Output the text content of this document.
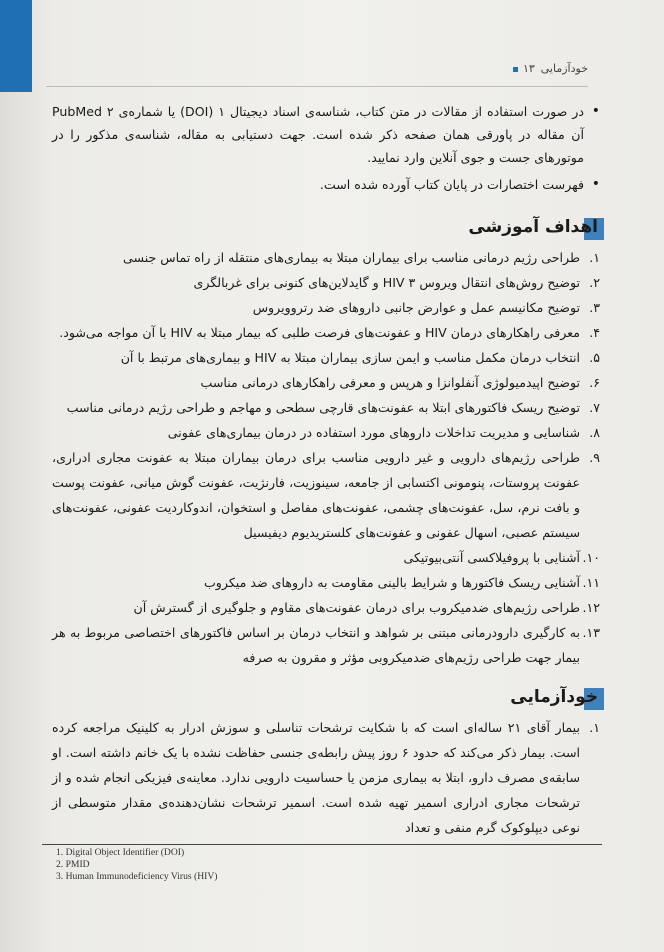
خودآزمایی
۱۳
• در صورت استفاده از مقالات در متن کتاب، شناسه‌ی اسناد دیجیتال ۱ (DOI) یا شماره‌ی PubMed ۲ آن مقاله در پاورقی همان صفحه ذکر شده است. جهت دستیابی به مقاله، شناسه‌ی مذکور را در موتورهای جست و جوی آنلاین وارد نمایید.
• فهرست اختصارات در پایان کتاب آورده شده است.
اهداف آموزشی
۱.
طراحی رژیم درمانی مناسب برای بیماران مبتلا به بیماری‌های منتقله از راه تماس جنسی
۲.
توضیح روش‌های انتقال ویروس HIV ۳ و گایدلاین‌های کنونی برای غربالگری
۳.
توضیح مکانیسم عمل و عوارض جانبی داروهای ضد رتروویروس
۴.
معرفی راهکارهای درمان HIV و عفونت‌های فرصت طلبی که بیمار مبتلا به HIV با آن مواجه می‌شود.
۵.
انتخاب درمان مکمل مناسب و ایمن سازی بیماران مبتلا به HIV و بیماری‌های مرتبط با آن
۶.
توضیح اپیدمیولوژی آنفلوانزا و هرپس و معرفی راهکارهای درمانی مناسب
۷.
توضیح ریسک فاکتورهای ابتلا به عفونت‌های قارچی سطحی و مهاجم و طراحی رژیم درمانی مناسب
۸.
شناسایی و مدیریت تداخلات داروهای مورد استفاده در درمان بیماری‌های عفونی
۹.
طراحی رژیم‌های دارویی و غیر دارویی مناسب برای درمان بیماران مبتلا به عفونت مجاری ادراری، عفونت پروستات، پنومونی اکتسابی از جامعه، سینوزیت، فارنژیت، عفونت گوش میانی، عفونت پوست و بافت نرم، سل، عفونت‌های چشمی، عفونت‌های مفاصل و استخوان، اندوکاردیت عفونی، عفونت‌های سیستم عصبی، اسهال عفونی و عفونت‌های کلستریدیوم دیفیسیل
۱۰.
آشنایی با پروفیلاکسی آنتی‌بیوتیکی
۱۱.
آشنایی ریسک فاکتورها و شرایط بالینی مقاومت به داروهای ضد میکروب
۱۲.
طراحی رژیم‌های ضدمیکروب برای درمان عفونت‌های مقاوم و جلوگیری از گسترش آن
۱۳.
به کارگیری دارودرمانی مبتنی بر شواهد و انتخاب درمان بر اساس فاکتورهای اختصاصی مربوط به هر بیمار جهت طراحی رژیم‌های ضدمیکروبی مؤثر و مقرون به صرفه
خودآزمایی
۱.
بیمار آقای ۲۱ ساله‌ای است که با شکایت ترشحات تناسلی و سوزش ادرار به کلینیک مراجعه کرده است. بیمار ذکر می‌کند که حدود ۶ روز پیش رابطه‌ی جنسی حفاظت نشده با یک خانم داشته است. او سابقه‌ی مصرف دارو، ابتلا به بیماری مزمن یا حساسیت دارویی ندارد. معاینه‌ی فیزیکی انجام شده و از ترشحات مجاری ادراری اسمیر تهیه شده است. اسمیر ترشحات نشان‌دهنده‌ی مقدار متوسطی از نوعی دیپلوکوک گرم منفی و تعداد
1. Digital Object Identifier (DOI)
2. PMID
3. Human Immunodeficiency Virus (HIV)
